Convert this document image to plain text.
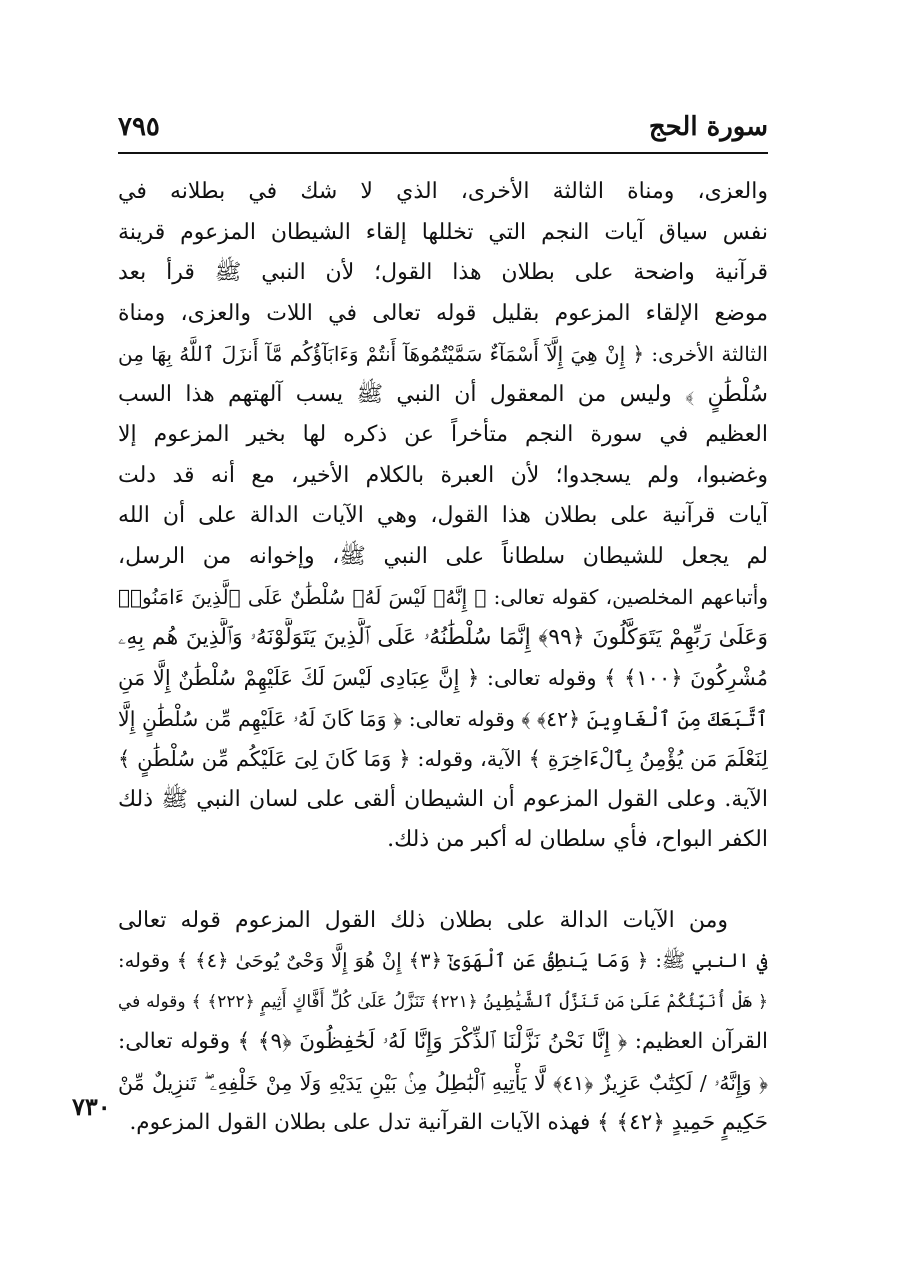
سورة الحج
٧٩٥
والعزى، ومناة الثالثة الأخرى، الذي لا شك في بطلانه في
نفس سياق آيات النجم التي تخللها إلقاء الشيطان المزعوم قرينة
قرآنية واضحة على بطلان هذا القول؛ لأن النبي ﷺ قرأ بعد
موضع الإلقاء المزعوم بقليل قوله تعالى في اللات والعزى، ومناة
الثالثة الأخرى: ﴿ إِنْ هِيَ إِلَّآ أَسْمَآءٌ سَمَّيْتُمُوهَآ أَنتُمْ وَءَابَآؤُكُم مَّآ أَنزَلَ ٱللَّهُ بِهَا مِن
سُلْطَٰنٍ ﴾ وليس من المعقول أن النبي ﷺ يسب آلهتهم هذا السب
العظيم في سورة النجم متأخراً عن ذكره لها بخير المزعوم إلا
وغضبوا، ولم يسجدوا؛ لأن العبرة بالكلام الأخير، مع أنه قد دلت
آيات قرآنية على بطلان هذا القول، وهي الآيات الدالة على أن الله
لم يجعل للشيطان سلطاناً على النبي ﷺ، وإخوانه من الرسل،
وأتباعهم المخلصين، كقوله تعالى: ﴿ إِنَّهُۥ لَيْسَ لَهُۥ سُلْطَٰنٌ عَلَى ٱلَّذِينَ ءَامَنُوا۟
وَعَلَىٰ رَبِّهِمْ يَتَوَكَّلُونَ ﴿٩٩﴾ إِنَّمَا سُلْطَٰنُهُۥ عَلَى ٱلَّذِينَ يَتَوَلَّوْنَهُۥ وَٱلَّذِينَ هُم بِهِۦ
مُشْرِكُونَ ﴿١٠٠﴾ ﴾ وقوله تعالى: ﴿ إِنَّ عِبَادِى لَيْسَ لَكَ عَلَيْهِمْ سُلْطَٰنٌ إِلَّا مَنِ
ٱتَّبَعَكَ مِنَ ٱلْغَاوِينَ ﴿٤٢﴾ ﴾ وقوله تعالى: ﴿ وَمَا كَانَ لَهُۥ عَلَيْهِم مِّن سُلْطَٰنٍ إِلَّا
لِنَعْلَمَ مَن يُؤْمِنُ بِٱلْءَاخِرَةِ ﴾ الآية، وقوله: ﴿ وَمَا كَانَ لِىَ عَلَيْكُم مِّن سُلْطَٰنٍ ﴾
الآية. وعلى القول المزعوم أن الشيطان ألقى على لسان النبي ﷺ ذلك
الكفر البواح، فأي سلطان له أكبر من ذلك.
ومن الآيات الدالة على بطلان ذلك القول المزعوم قوله تعالى
في النبي ﷺ: ﴿ وَمَا يَنطِقُ عَنِ ٱلْهَوَىٰٓ ﴿٣﴾ إِنْ هُوَ إِلَّا وَحْىٌ يُوحَىٰ ﴿٤﴾ ﴾ وقوله:
﴿ هَلْ أُنَبِّئُكُمْ عَلَىٰ مَن تَنَزَّلُ ٱلشَّيَٰطِينُ ﴿٢٢١﴾ تَنَزَّلُ عَلَىٰ كُلِّ أَفَّاكٍ أَثِيمٍ ﴿٢٢٢﴾ ﴾ وقوله في
القرآن العظيم: ﴿ إِنَّا نَحْنُ نَزَّلْنَا ٱلذِّكْرَ وَإِنَّا لَهُۥ لَحَٰفِظُونَ ﴿٩﴾ ﴾ وقوله تعالى:
﴿ وَإِنَّهُۥ / لَكِتَٰبٌ عَزِيزٌ ﴿٤١﴾ لَّا يَأْتِيهِ ٱلْبَٰطِلُ مِنۢ بَيْنِ يَدَيْهِ وَلَا مِنْ خَلْفِهِۦ ۖ تَنزِيلٌ مِّنْ
حَكِيمٍ حَمِيدٍ ﴿٤٢﴾ ﴾ فهذه الآيات القرآنية تدل على بطلان القول المزعوم.
٧٣٠
